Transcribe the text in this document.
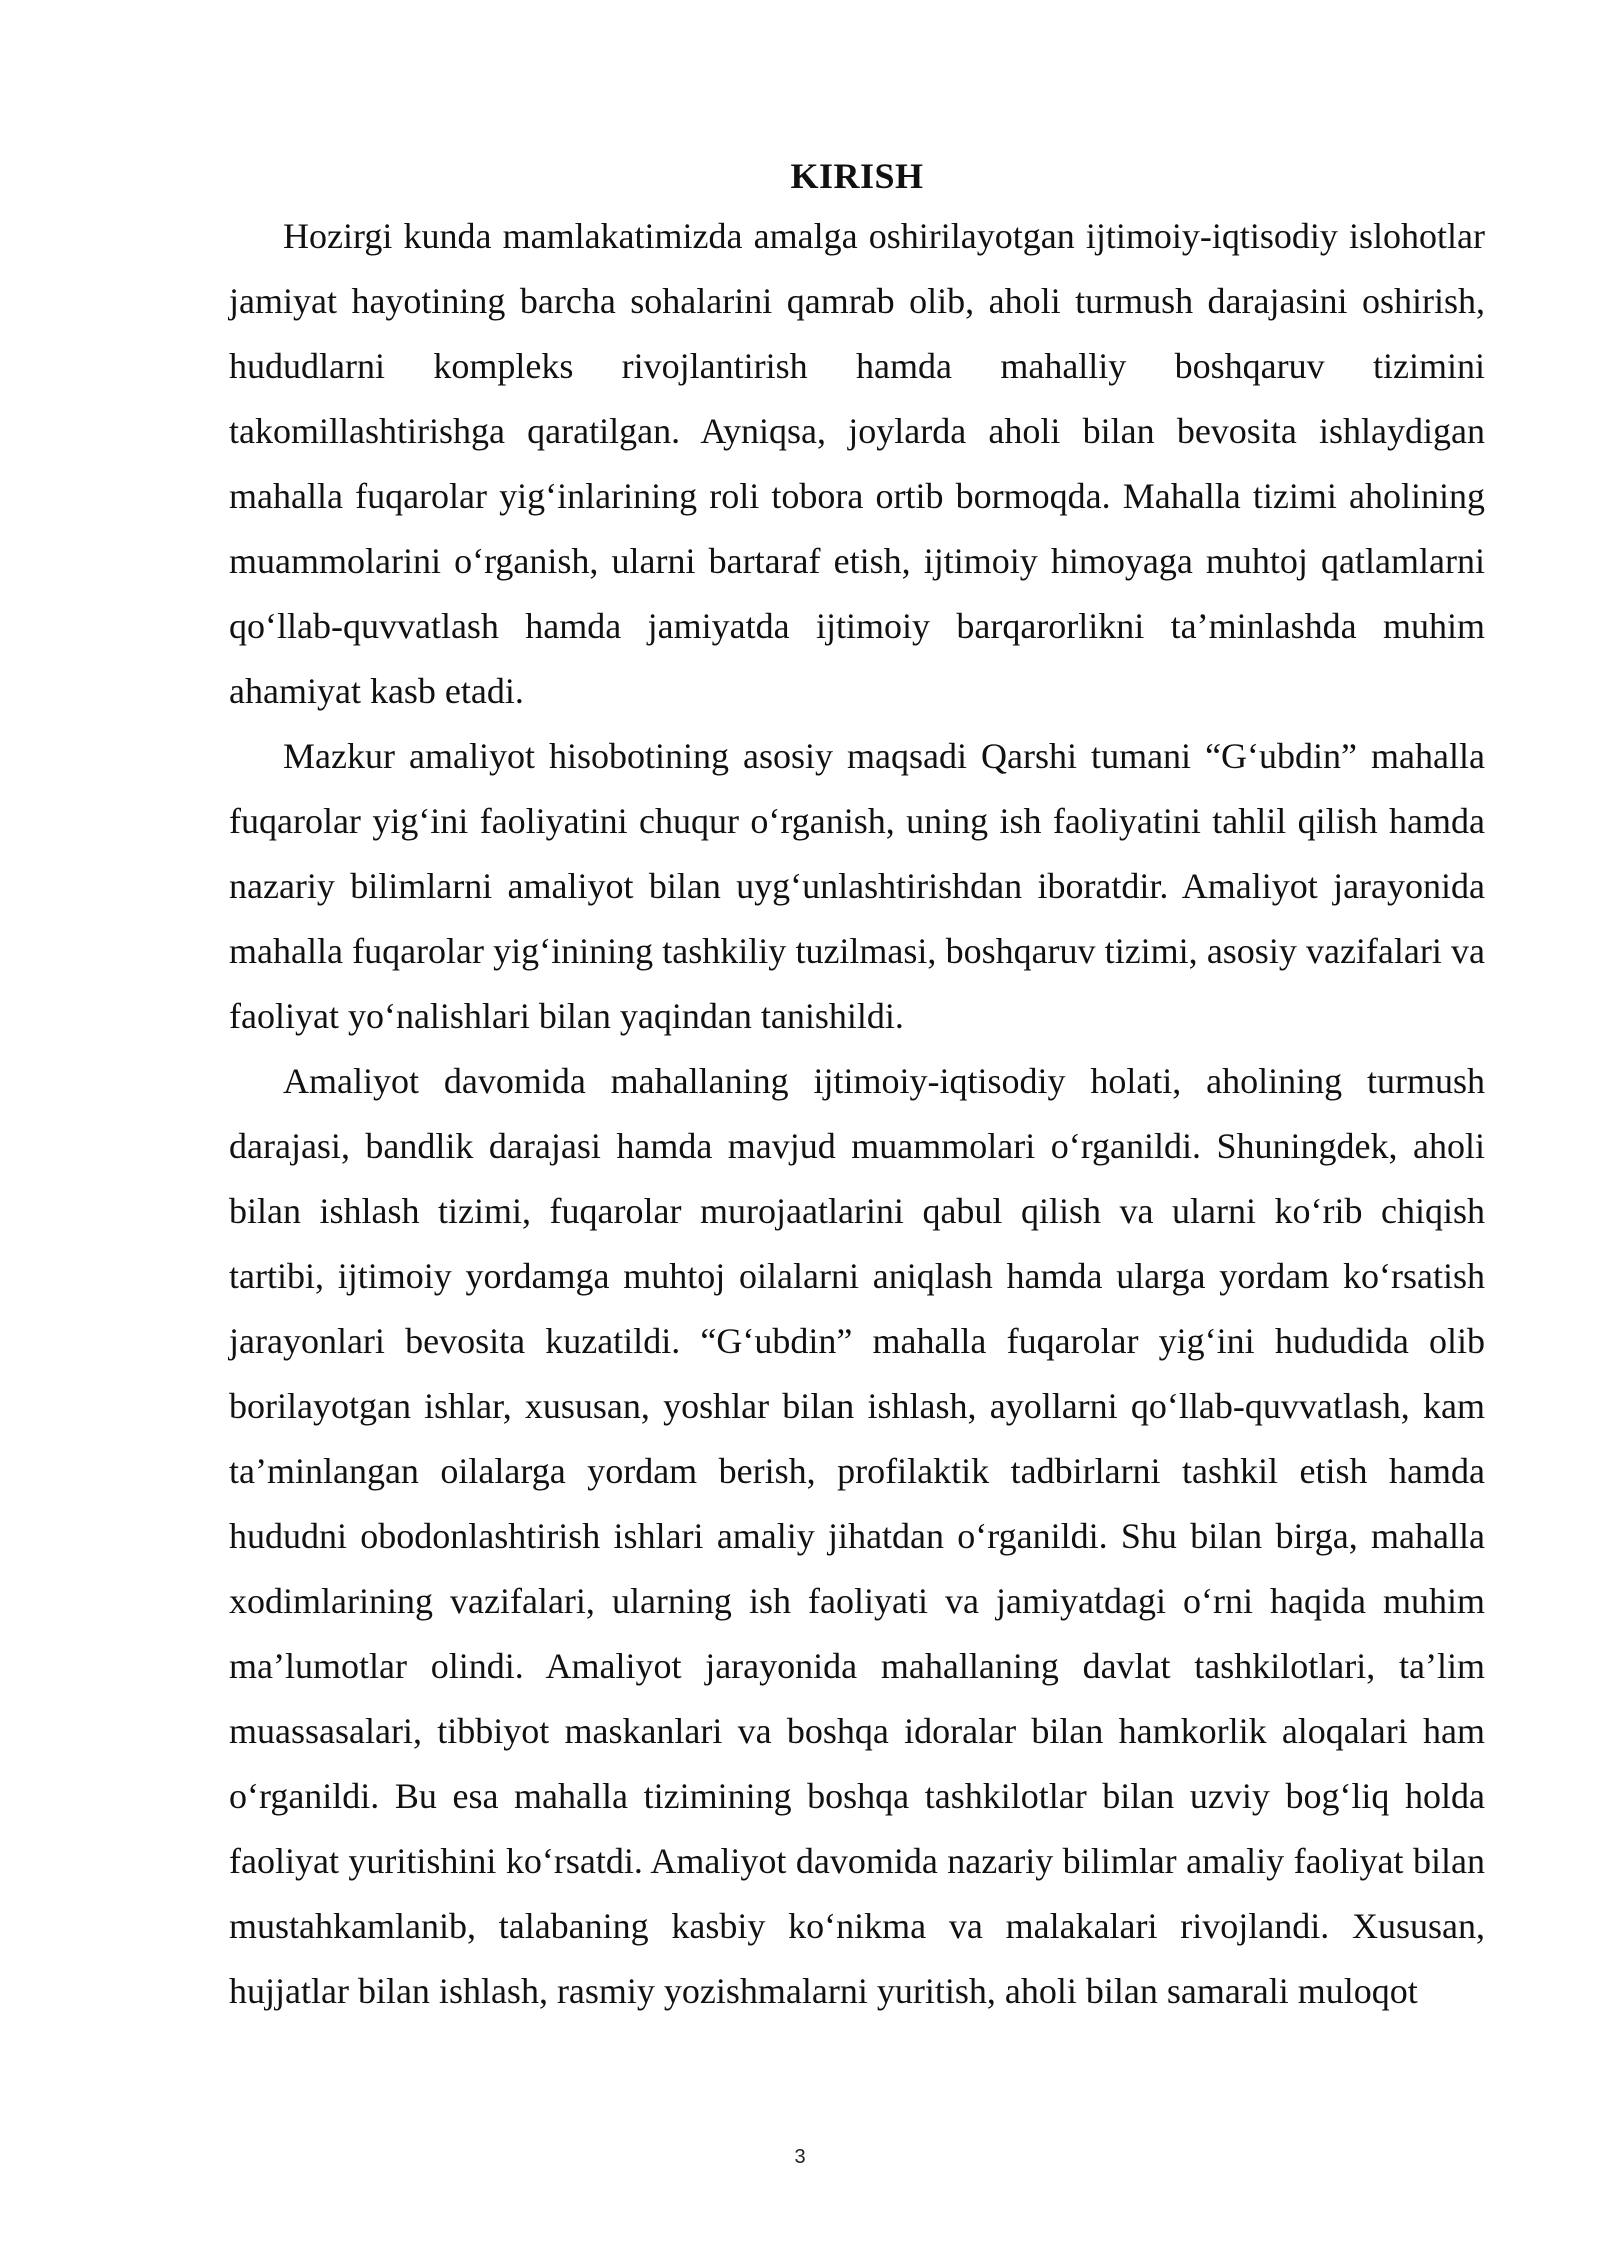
KIRISH

Hozirgi kunda mamlakatimizda amalga oshirilayotgan ijtimoiy-iqtisodiy islohotlar jamiyat hayotining barcha sohalarini qamrab olib, aholi turmush darajasini oshirish, hududlarni kompleks rivojlantirish hamda mahalliy boshqaruv tizimini takomillashtirishga qaratilgan. Ayniqsa, joylarda aholi bilan bevosita ishlaydigan mahalla fuqarolar yig‘inlarining roli tobora ortib bormoqda. Mahalla tizimi aholining muammolarini o‘rganish, ularni bartaraf etish, ijtimoiy himoyaga muhtoj qatlamlarni qo‘llab-quvvatlash hamda jamiyatda ijtimoiy barqarorlikni ta’minlashda muhim ahamiyat kasb etadi.

Mazkur amaliyot hisobotining asosiy maqsadi Qarshi tumani “G‘ubdin” mahalla fuqarolar yig‘ini faoliyatini chuqur o‘rganish, uning ish faoliyatini tahlil qilish hamda nazariy bilimlarni amaliyot bilan uyg‘unlashtirishdan iboratdir. Amaliyot jarayonida mahalla fuqarolar yig‘inining tashkiliy tuzilmasi, boshqaruv tizimi, asosiy vazifalari va faoliyat yo‘nalishlari bilan yaqindan tanishildi.

Amaliyot davomida mahallaning ijtimoiy-iqtisodiy holati, aholining turmush darajasi, bandlik darajasi hamda mavjud muammolari o‘rganildi. Shuningdek, aholi bilan ishlash tizimi, fuqarolar murojaatlarini qabul qilish va ularni ko‘rib chiqish tartibi, ijtimoiy yordamga muhtoj oilalarni aniqlash hamda ularga yordam ko‘rsatish jarayonlari bevosita kuzatildi. “G‘ubdin” mahalla fuqarolar yig‘ini hududida olib borilayotgan ishlar, xususan, yoshlar bilan ishlash, ayollarni qo‘llab-quvvatlash, kam ta’minlangan oilalarga yordam berish, profilaktik tadbirlarni tashkil etish hamda hududni obodonlashtirish ishlari amaliy jihatdan o‘rganildi. Shu bilan birga, mahalla xodimlarining vazifalari, ularning ish faoliyati va jamiyatdagi o‘rni haqida muhim ma’lumotlar olindi. Amaliyot jarayonida mahallaning davlat tashkilotlari, ta’lim muassasalari, tibbiyot maskanlari va boshqa idoralar bilan hamkorlik aloqalari ham o‘rganildi. Bu esa mahalla tizimining boshqa tashkilotlar bilan uzviy bog‘liq holda faoliyat yuritishini ko‘rsatdi. Amaliyot davomida nazariy bilimlar amaliy faoliyat bilan mustahkamlanib, talabaning kasbiy ko‘nikma va malakalari rivojlandi. Xususan, hujjatlar bilan ishlash, rasmiy yozishmalarni yuritish, aholi bilan samarali muloqot

3
